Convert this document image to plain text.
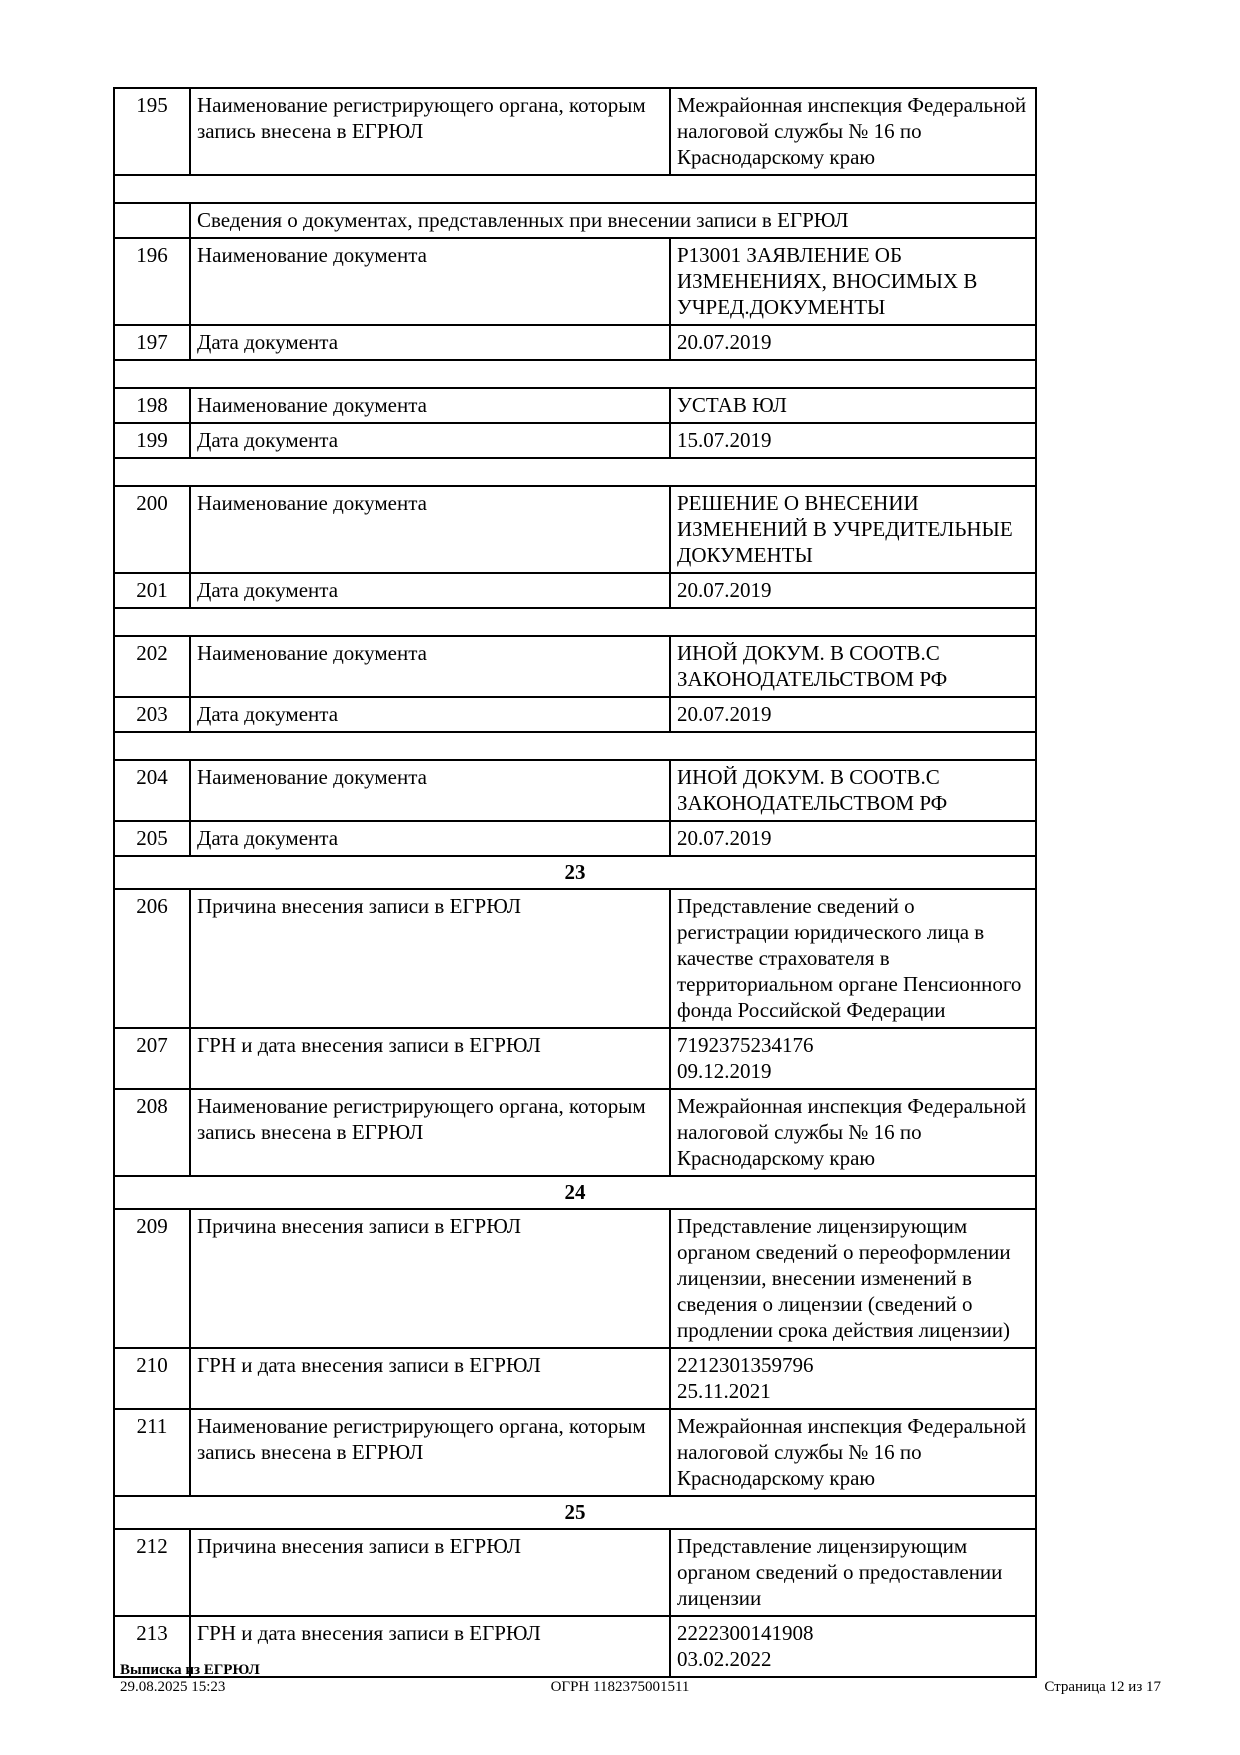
195	Наименование регистрирующего органа, которым запись внесена в ЕГРЮЛ	Межрайонная инспекция Федеральной налоговой службы № 16 по Краснодарскому краю

	Сведения о документах, представленных при внесении записи в ЕГРЮЛ	
196	Наименование документа	Р13001 ЗАЯВЛЕНИЕ ОБ ИЗМЕНЕНИЯХ, ВНОСИМЫХ В УЧРЕД.ДОКУМЕНТЫ
197	Дата документа	20.07.2019

198	Наименование документа	УСТАВ ЮЛ
199	Дата документа	15.07.2019

200	Наименование документа	РЕШЕНИЕ О ВНЕСЕНИИ ИЗМЕНЕНИЙ В УЧРЕДИТЕЛЬНЫЕ ДОКУМЕНТЫ
201	Дата документа	20.07.2019

202	Наименование документа	ИНОЙ ДОКУМ. В СООТВ.С ЗАКОНОДАТЕЛЬСТВОМ РФ
203	Дата документа	20.07.2019

204	Наименование документа	ИНОЙ ДОКУМ. В СООТВ.С ЗАКОНОДАТЕЛЬСТВОМ РФ
205	Дата документа	20.07.2019
23		
206	Причина внесения записи в ЕГРЮЛ	Представление сведений о регистрации юридического лица в качестве страхователя в территориальном органе Пенсионного фонда Российской Федерации
207	ГРН и дата внесения записи в ЕГРЮЛ	7192375234176
09.12.2019
208	Наименование регистрирующего органа, которым запись внесена в ЕГРЮЛ	Межрайонная инспекция Федеральной налоговой службы № 16 по Краснодарскому краю
24		
209	Причина внесения записи в ЕГРЮЛ	Представление лицензирующим органом сведений о переоформлении лицензии, внесении изменений в сведения о лицензии (сведений о продлении срока действия лицензии)
210	ГРН и дата внесения записи в ЕГРЮЛ	2212301359796
25.11.2021
211	Наименование регистрирующего органа, которым запись внесена в ЕГРЮЛ	Межрайонная инспекция Федеральной налоговой службы № 16 по Краснодарскому краю
25		
212	Причина внесения записи в ЕГРЮЛ	Представление лицензирующим органом сведений о предоставлении лицензии
213	ГРН и дата внесения записи в ЕГРЮЛ	2222300141908
03.02.2022
Выписка из ЕГРЮЛ
29.08.2025 15:23	ОГРН 1182375001511	Страница 12 из 17
